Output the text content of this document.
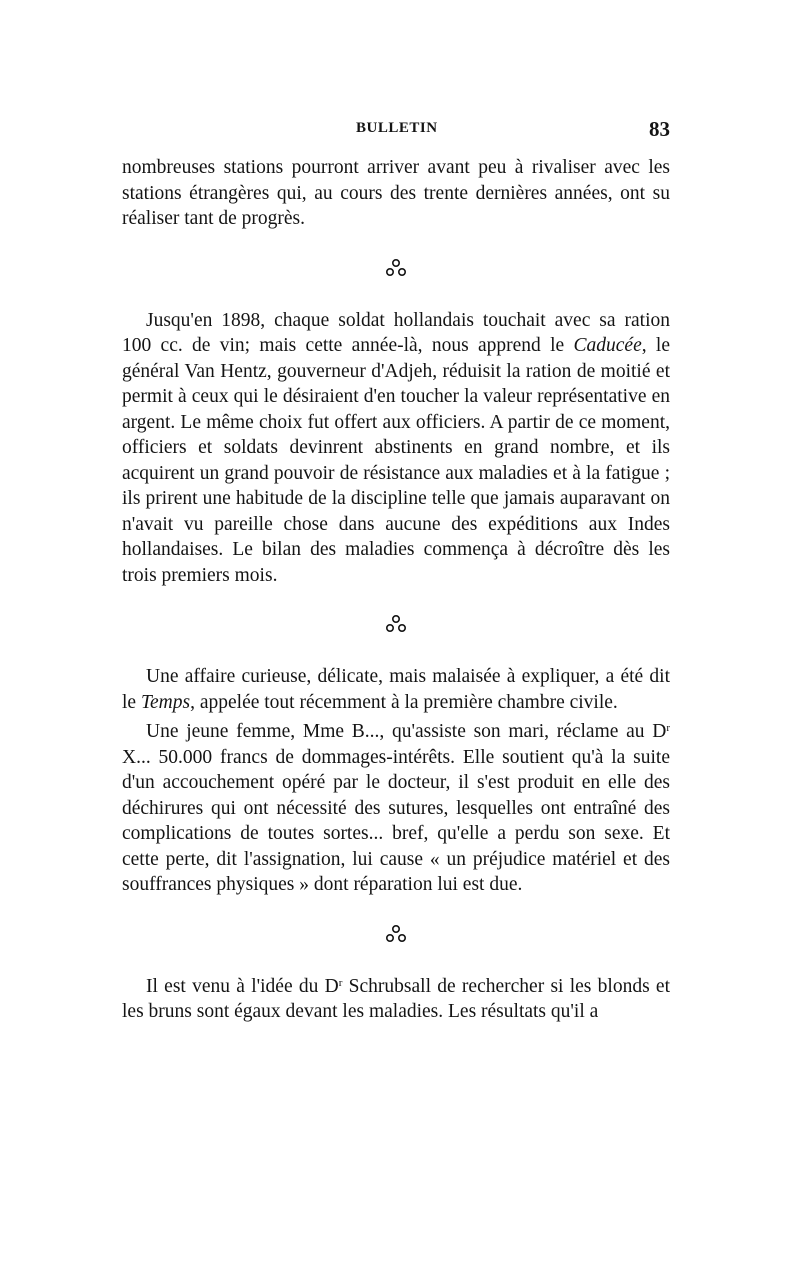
BULLETIN	83

nombreuses stations pourront arriver avant peu à rivaliser avec les stations étrangères qui, au cours des trente dernières années, ont su réaliser tant de progrès.

Jusqu'en 1898, chaque soldat hollandais touchait avec sa ration 100 cc. de vin; mais cette année-là, nous apprend le Caducée, le général Van Hentz, gouverneur d'Adjeh, réduisit la ration de moitié et permit à ceux qui le désiraient d'en toucher la valeur représentative en argent. Le même choix fut offert aux officiers. A partir de ce moment, officiers et soldats devinrent abstinents en grand nombre, et ils acquirent un grand pouvoir de résistance aux maladies et à la fatigue ; ils prirent une habitude de la discipline telle que jamais auparavant on n'avait vu pareille chose dans aucune des expéditions aux Indes hollandaises. Le bilan des maladies commença à décroître dès les trois premiers mois.

Une affaire curieuse, délicate, mais malaisée à expliquer, a été dit le Temps, appelée tout récemment à la première chambre civile.

Une jeune femme, Mme B..., qu'assiste son mari, réclame au $D^r$ X... 50.000 francs de dommages-intérêts. Elle soutient qu'à la suite d'un accouchement opéré par le docteur, il s'est produit en elle des déchirures qui ont nécessité des sutures, lesquelles ont entraîné des complications de toutes sortes... bref, qu'elle a perdu son sexe. Et cette perte, dit l'assignation, lui cause « un préjudice matériel et des souffrances physiques » dont réparation lui est due.

Il est venu à l'idée du $D^r$ Schrubsall de rechercher si les blonds et les bruns sont égaux devant les maladies. Les résultats qu'il a
